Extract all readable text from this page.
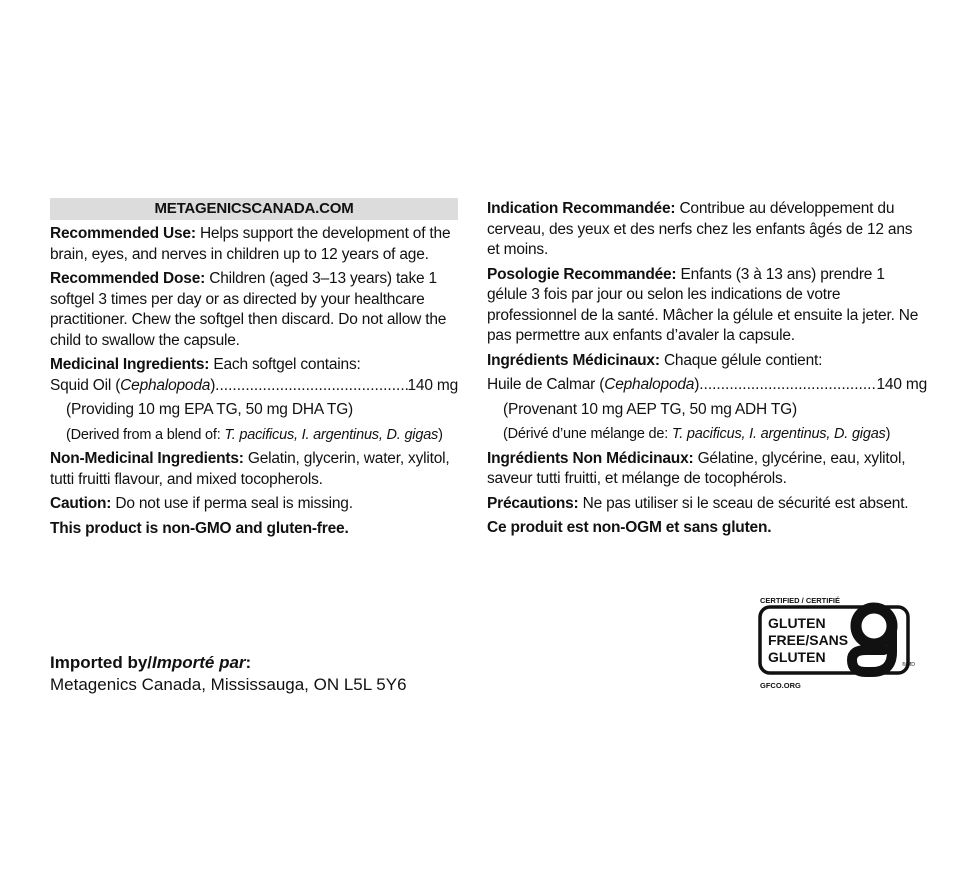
METAGENICSCANADA.COM

Recommended Use: Helps support the development of the brain, eyes, and nerves in children up to 12 years of age.

Recommended Dose: Children (aged 3–13 years) take 1 softgel 3 times per day or as directed by your healthcare practitioner. Chew the softgel then discard. Do not allow the child to swallow the capsule.

Medicinal Ingredients: Each softgel contains:
Squid Oil (Cephalopoda) .....	140 mg
(Providing 10 mg EPA TG, 50 mg DHA TG)
(Derived from a blend of: T. pacificus, I. argentinus, D. gigas)

Non-Medicinal Ingredients: Gelatin, glycerin, water, xylitol, tutti fruitti flavour, and mixed tocopherols.

Caution: Do not use if perma seal is missing.

This product is non-GMO and gluten-free.

Indication Recommandée: Contribue au développement du cerveau, des yeux et des nerfs chez les enfants âgés de 12 ans et moins.

Posologie Recommandée: Enfants (3 à 13 ans) prendre 1 gélule 3 fois par jour ou selon les indications de votre professionnel de la santé. Mâcher la gélule et ensuite la jeter. Ne pas permettre aux enfants d’avaler la capsule.

Ingrédients Médicinaux: Chaque gélule contient:
Huile de Calmar (Cephalopoda) .....	140 mg
(Provenant 10 mg AEP TG, 50 mg ADH TG)
(Dérivé d’une mélange de: T. pacificus, I. argentinus, D. gigas)

Ingrédients Non Médicinaux: Gélatine, glycérine, eau, xylitol, saveur tutti fruitti, et mélange de tocophérols.

Précautions: Ne pas utiliser si le sceau de sécurité est absent.

Ce produit est non-OGM et sans gluten.

Imported by/Importé par:
Metagenics Canada, Mississauga, ON L5L 5Y6
CERTIFIED / CERTIFIÉ
GLUTEN
FREE/SANS
GLUTEN	®/MD
GFCO.ORG
